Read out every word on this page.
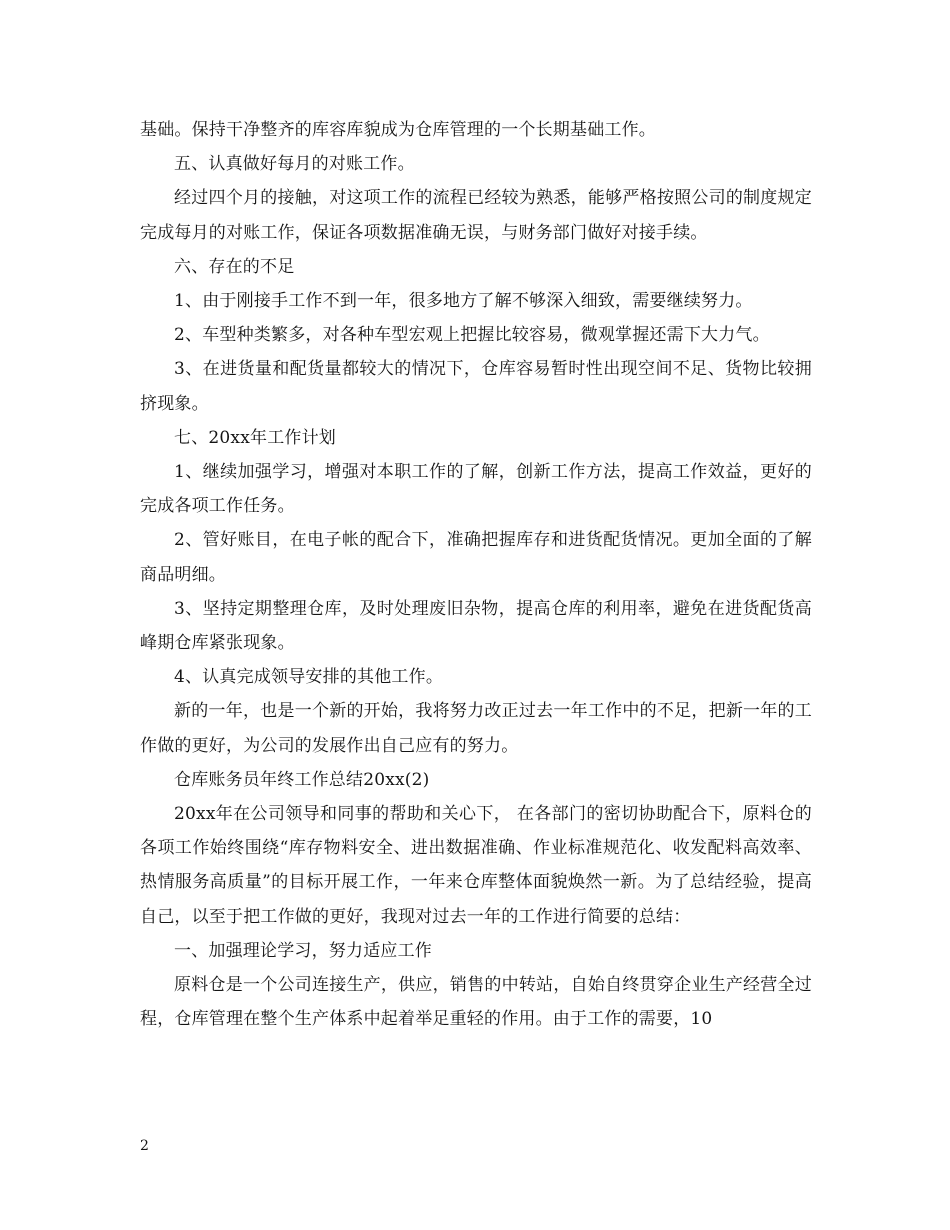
基础。保持干净整齐的库容库貌成为仓库管理的一个长期基础工作。

五、认真做好每月的对账工作。

经过四个月的接触，对这项工作的流程已经较为熟悉，能够严格按照公司的制度规定完成每月的对账工作，保证各项数据准确无误，与财务部门做好对接手续。

六、存在的不足

1、由于刚接手工作不到一年，很多地方了解不够深入细致，需要继续努力。

2、车型种类繁多，对各种车型宏观上把握比较容易，微观掌握还需下大力气。

3、在进货量和配货量都较大的情况下，仓库容易暂时性出现空间不足、货物比较拥挤现象。

七、20xx年工作计划

1、继续加强学习，增强对本职工作的了解，创新工作方法，提高工作效益，更好的完成各项工作任务。

2、管好账目，在电子帐的配合下，准确把握库存和进货配货情况。更加全面的了解商品明细。

3、坚持定期整理仓库，及时处理废旧杂物，提高仓库的利用率，避免在进货配货高峰期仓库紧张现象。

4、认真完成领导安排的其他工作。

新的一年，也是一个新的开始，我将努力改正过去一年工作中的不足，把新一年的工作做的更好，为公司的发展作出自己应有的努力。

仓库账务员年终工作总结20xx(2)

20xx年在公司领导和同事的帮助和关心下， 在各部门的密切协助配合下，原料仓的各项工作始终围绕“库存物料安全、进出数据准确、作业标准规范化、收发配料高效率、热情服务高质量”的目标开展工作，一年来仓库整体面貌焕然一新。为了总结经验，提高自己，以至于把工作做的更好，我现对过去一年的工作进行简要的总结：

一、加强理论学习，努力适应工作

原料仓是一个公司连接生产，供应，销售的中转站，自始自终贯穿企业生产经营全过程，仓库管理在整个生产体系中起着举足重轻的作用。由于工作的需要，10

2
